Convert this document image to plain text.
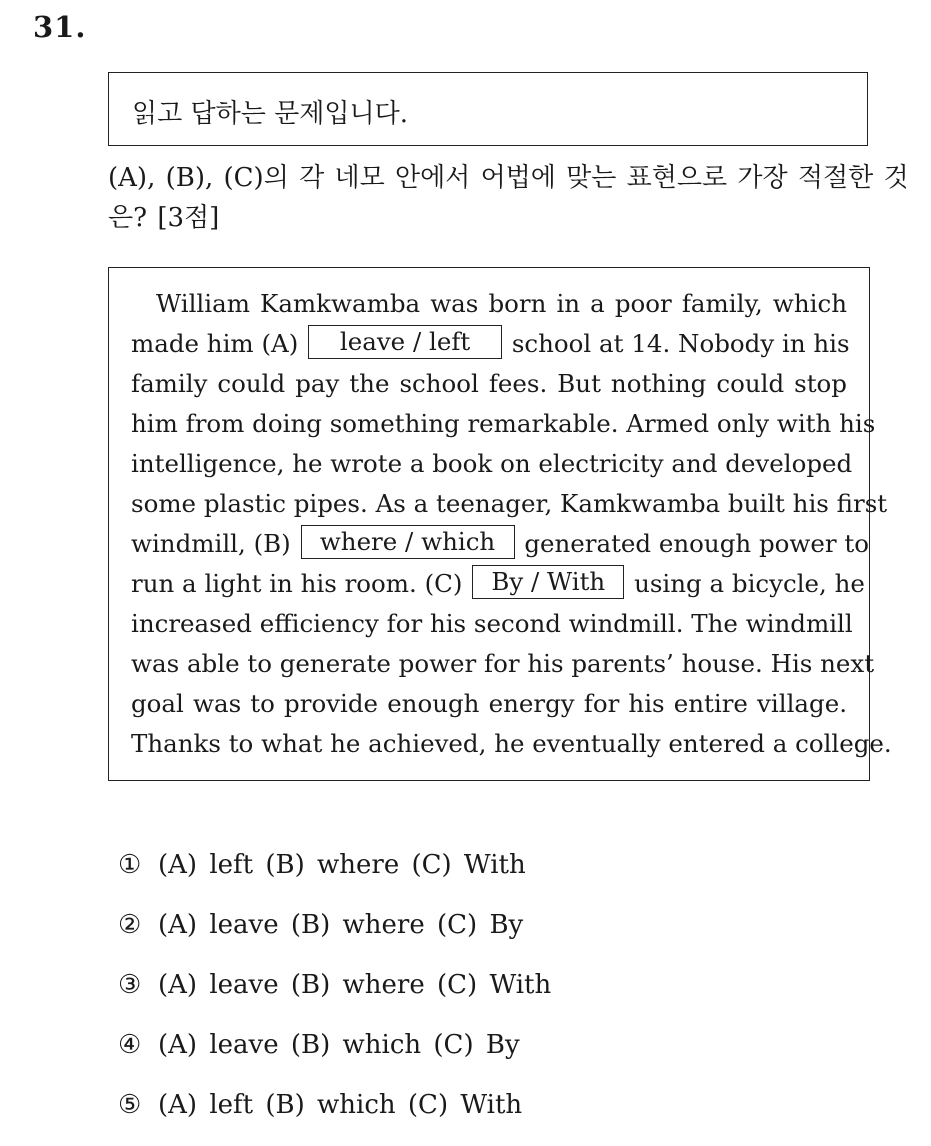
31.
읽고 답하는 문제입니다.
(A), (B), (C)의 각 네모 안에서 어법에 맞는 표현으로 가장 적절한 것은? [3점]
William Kamkwamba was born in a poor family, which
made him (A) leave / left school at 14. Nobody in his
family could pay the school fees. But nothing could stop
him from doing something remarkable. Armed only with his
intelligence, he wrote a book on electricity and developed
some plastic pipes. As a teenager, Kamkwamba built his first
windmill, (B) where / which generated enough power to
run a light in his room. (C) By / With using a bicycle, he
increased efficiency for his second windmill. The windmill
was able to generate power for his parents’ house. His next
goal was to provide enough energy for his entire village.
Thanks to what he achieved, he eventually entered a college.
① (A) left (B) where (C) With
② (A) leave (B) where (C) By
③ (A) leave (B) where (C) With
④ (A) leave (B) which (C) By
⑤ (A) left (B) which (C) With
